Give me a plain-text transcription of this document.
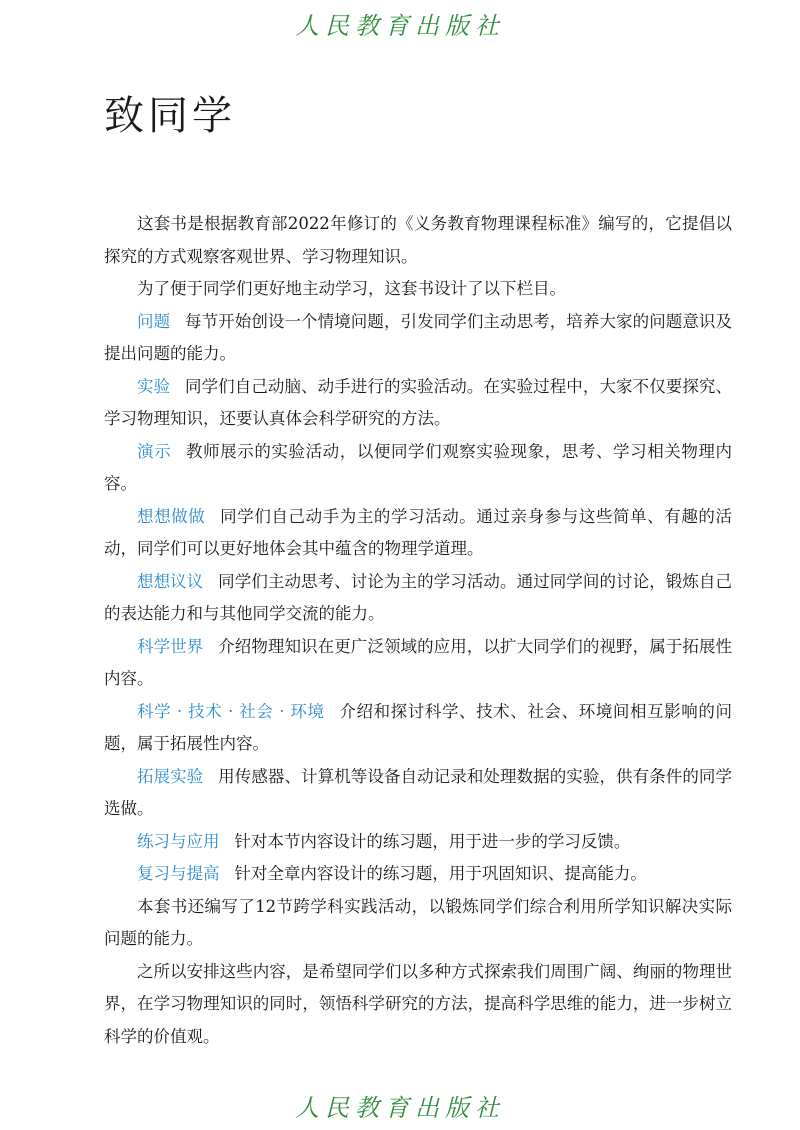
人民教育出版社
致同学

这套书是根据教育部2022年修订的《义务教育物理课程标准》编写的，它提倡以探究的方式观察客观世界、学习物理知识。

为了便于同学们更好地主动学习，这套书设计了以下栏目。

问题 每节开始创设一个情境问题，引发同学们主动思考，培养大家的问题意识及提出问题的能力。

实验 同学们自己动脑、动手进行的实验活动。在实验过程中，大家不仅要探究、学习物理知识，还要认真体会科学研究的方法。

演示 教师展示的实验活动，以便同学们观察实验现象，思考、学习相关物理内容。

想想做做 同学们自己动手为主的学习活动。通过亲身参与这些简单、有趣的活动，同学们可以更好地体会其中蕴含的物理学道理。

想想议议 同学们主动思考、讨论为主的学习活动。通过同学间的讨论，锻炼自己的表达能力和与其他同学交流的能力。

科学世界 介绍物理知识在更广泛领域的应用，以扩大同学们的视野，属于拓展性内容。

科学 · 技术 · 社会 · 环境 介绍和探讨科学、技术、社会、环境间相互影响的问题，属于拓展性内容。

拓展实验 用传感器、计算机等设备自动记录和处理数据的实验，供有条件的同学选做。

练习与应用 针对本节内容设计的练习题，用于进一步的学习反馈。

复习与提高 针对全章内容设计的练习题，用于巩固知识、提高能力。

本套书还编写了12节跨学科实践活动，以锻炼同学们综合利用所学知识解决实际问题的能力。

之所以安排这些内容，是希望同学们以多种方式探索我们周围广阔、绚丽的物理世界，在学习物理知识的同时，领悟科学研究的方法，提高科学思维的能力，进一步树立科学的价值观。

人民教育出版社
